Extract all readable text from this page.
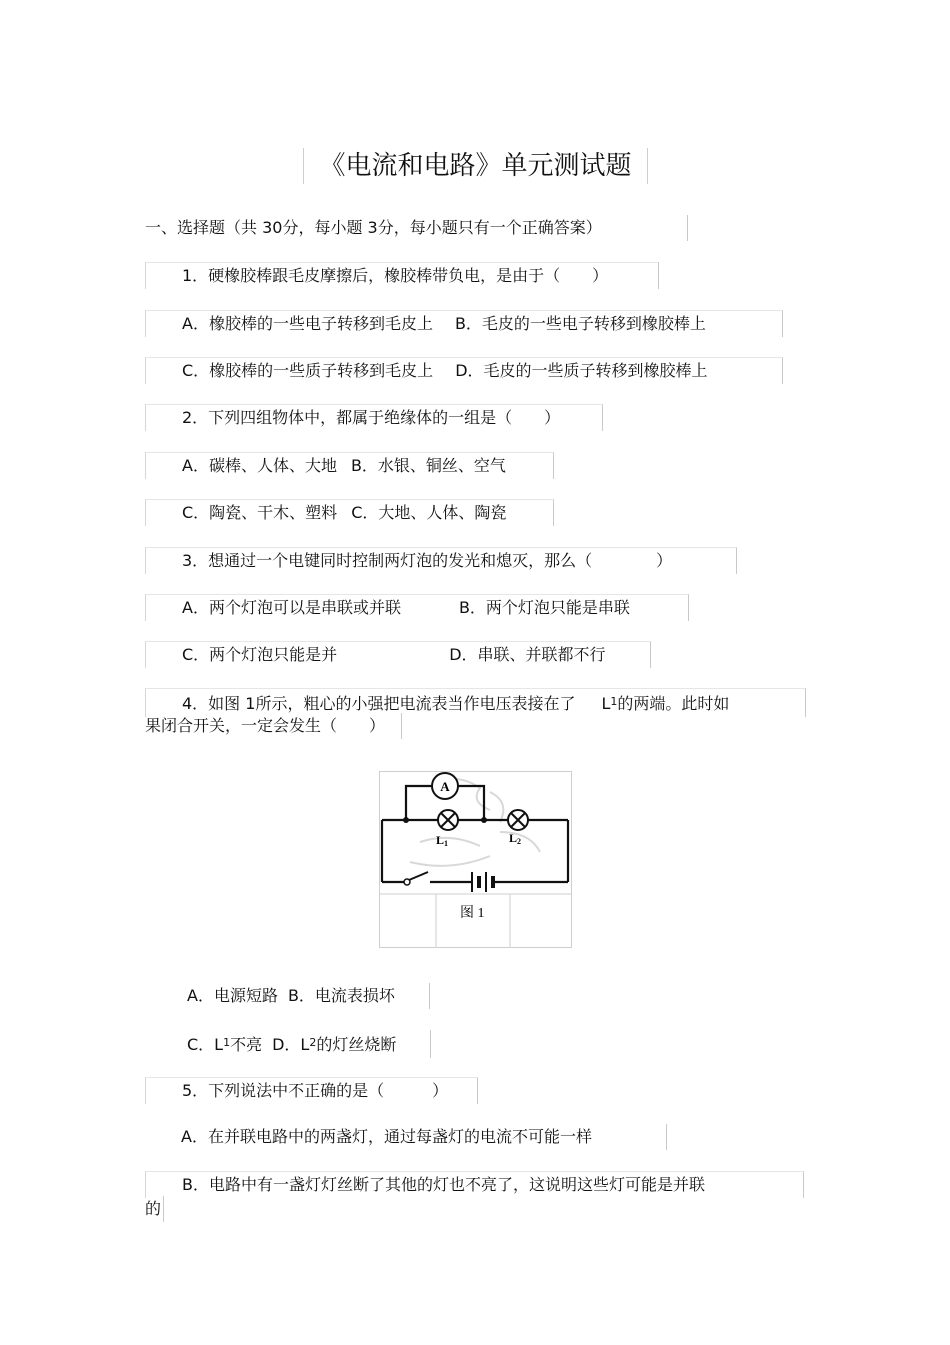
《电流和电路》单元测试题
一、选择题（共 30分，每小题 3分，每小题只有一个正确答案）
1．硬橡胶棒跟毛皮摩擦后，橡胶棒带负电，是由于（　　）
A．橡胶棒的一些电子转移到毛皮上 B．毛皮的一些电子转移到橡胶棒上
C．橡胶棒的一些质子转移到毛皮上 D．毛皮的一些质子转移到橡胶棒上
2．下列四组物体中，都属于绝缘体的一组是（　　）
A．碳棒、人体、大地 B．水银、铜丝、空气
C．陶瓷、干木、塑料 C．大地、人体、陶瓷
3．想通过一个电键同时控制两灯泡的发光和熄灭，那么（　　　　）
A．两个灯泡可以是串联或并联	B．两个灯泡只能是串联
C．两个灯泡只能是并	D．串联、并联都不行
4．如图 1所示，粗心的小强把电流表当作电压表接在了 $L_1$的两端。此时如
果闭合开关，一定会发生（　　）
A
L1	L2
图 1
A．电源短路 B．电流表损坏
C．$L_1$不亮 D．$L_2$的灯丝烧断
5．下列说法中不正确的是（　　　）
A．在并联电路中的两盏灯，通过每盏灯的电流不可能一样
B．电路中有一盏灯灯丝断了其他的灯也不亮了，这说明这些灯可能是并联
的
